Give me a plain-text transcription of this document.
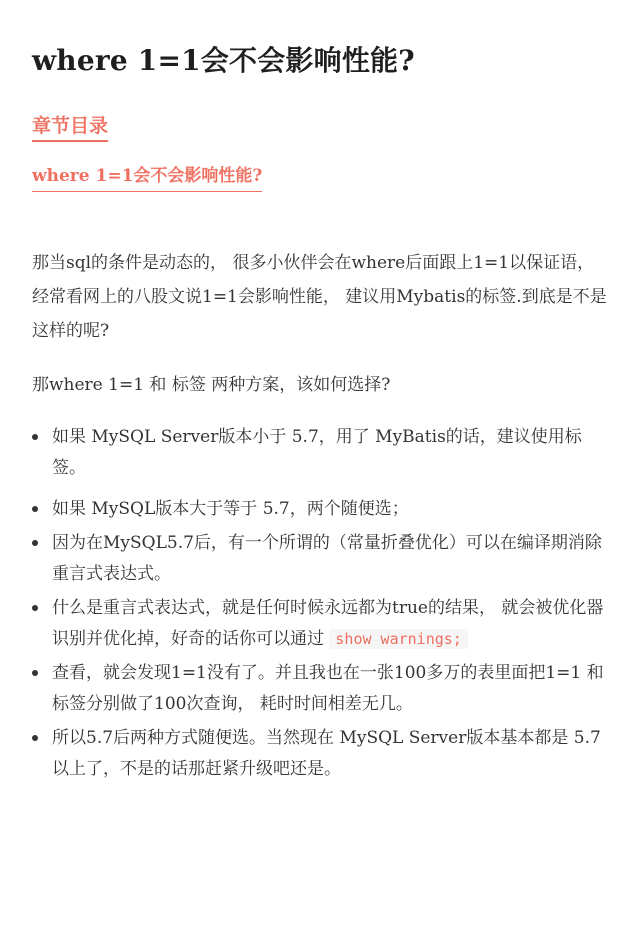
where 1=1会不会影响性能?
章节目录
where 1=1会不会影响性能?

那当sql的条件是动态的， 很多小伙伴会在where后面跟上1=1以保证语，经常看网上的八股文说1=1会影响性能， 建议用Mybatis的标签.到底是不是这样的呢?

那where 1=1 和 标签 两种方案，该如何选择?

如果 MySQL Server版本小于 5.7，用了 MyBatis的话，建议使用标签。
如果 MySQL版本大于等于 5.7，两个随便选；
因为在MySQL5.7后，有一个所谓的（常量折叠优化）可以在编译期消除重言式表达式。
什么是重言式表达式，就是任何时候永远都为true的结果， 就会被优化器识别并优化掉，好奇的话你可以通过 show warnings;
查看，就会发现1=1没有了。并且我也在一张100多万的表里面把1=1 和标签分别做了100次查询， 耗时时间相差无几。
所以5.7后两种方式随便选。当然现在 MySQL Server版本基本都是 5.7以上了，不是的话那赶紧升级吧还是。
